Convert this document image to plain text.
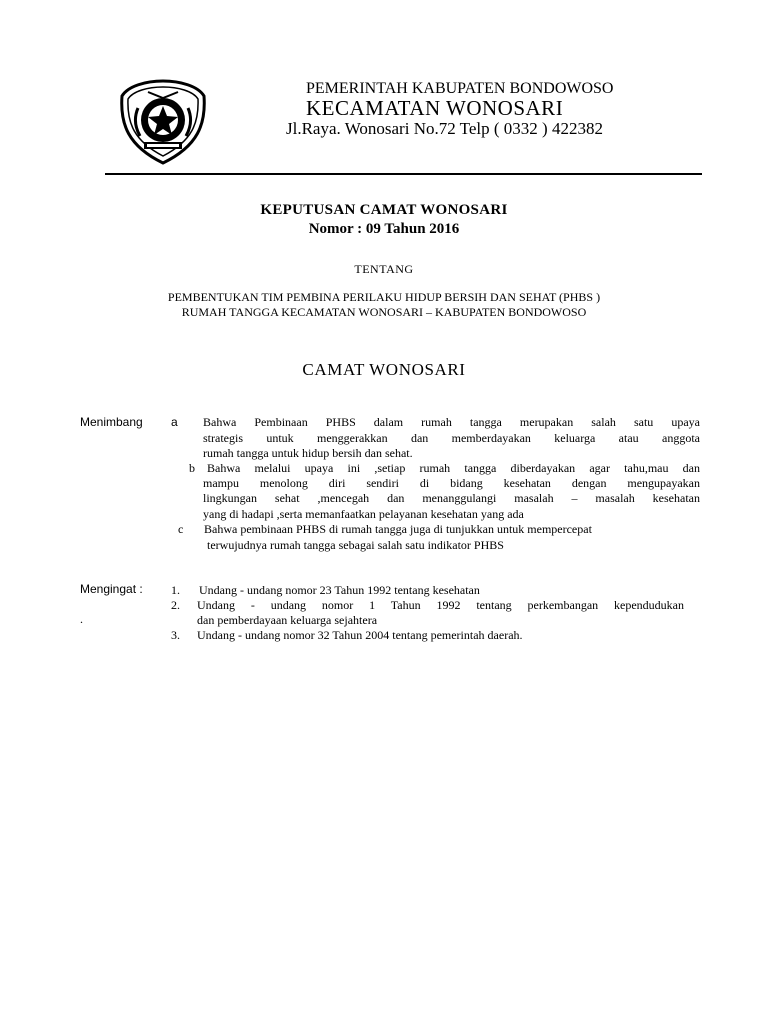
PEMERINTAH KABUPATEN BONDOWOSO
KECAMATAN WONOSARI
Jl.Raya. Wonosari No.72 Telp ( 0332 ) 422382
KEPUTUSAN CAMAT WONOSARI
Nomor : 09 Tahun 2016
TENTANG
PEMBENTUKAN TIM PEMBINA PERILAKU HIDUP BERSIH DAN SEHAT (PHBS )
RUMAH TANGGA KECAMATAN WONOSARI – KABUPATEN BONDOWOSO
CAMAT WONOSARI
Menimbang a Bahwa Pembinaan PHBS dalam rumah tangga merupakan salah satu upaya
strategis untuk menggerakkan dan memberdayakan keluarga atau anggota
rumah tangga untuk hidup bersih dan sehat.
b Bahwa melalui upaya ini ,setiap rumah tangga diberdayakan agar tahu,mau dan
mampu menolong diri sendiri di bidang kesehatan dengan mengupayakan
lingkungan sehat ,mencegah dan menanggulangi masalah – masalah kesehatan
yang di hadapi ,serta memanfaatkan pelayanan kesehatan yang ada
c Bahwa pembinaan PHBS di rumah tangga juga di tunjukkan untuk mempercepat
terwujudnya rumah tangga sebagai salah satu indikator PHBS
Mengingat :
.
1. Undang - undang nomor 23 Tahun 1992 tentang kesehatan
2. Undang - undang nomor 1 Tahun 1992 tentang perkembangan kependudukan
dan pemberdayaan keluarga sejahtera
3. Undang - undang nomor 32 Tahun 2004 tentang pemerintah daerah.
